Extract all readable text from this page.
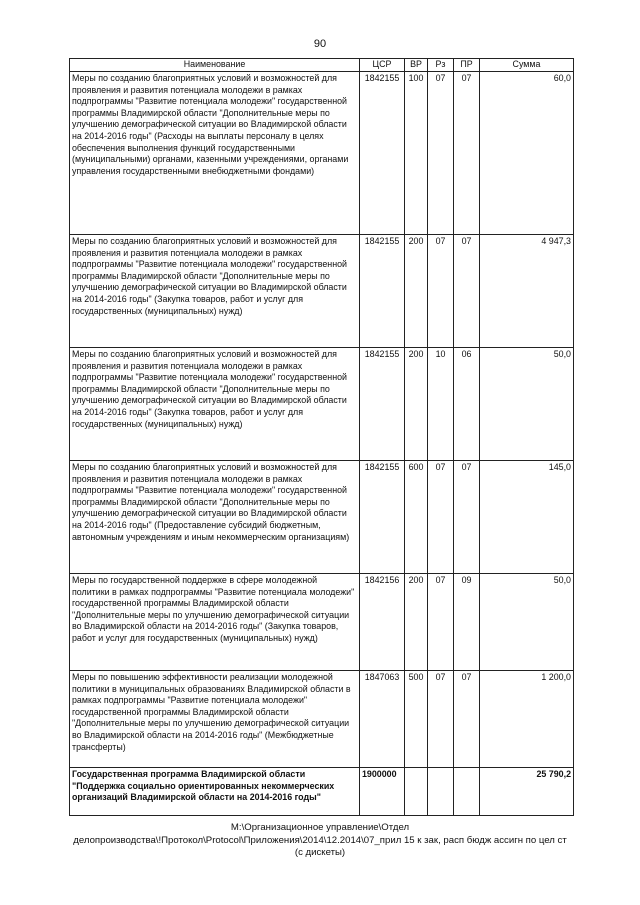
90
Наименование	ЦСР	ВР	Рз	ПР	Сумма
Меры по созданию благоприятных условий и возможностей для проявления и развития потенциала молодежи в рамках подпрограммы "Развитие потенциала молодежи" государственной программы Владимирской области "Дополнительные меры по улучшению демографической ситуации во Владимирской области на 2014-2016 годы" (Расходы на выплаты персоналу в целях обеспечения выполнения функций государственными (муниципальными) органами, казенными учреждениями, органами управления государственными внебюджетными фондами)	1842155	100	07	07	60,0
Меры по созданию благоприятных условий и возможностей для проявления и развития потенциала молодежи в рамках подпрограммы "Развитие потенциала молодежи" государственной программы Владимирской области "Дополнительные меры по улучшению демографической ситуации во Владимирской области на 2014-2016 годы" (Закупка товаров, работ и услуг для государственных (муниципальных) нужд)	1842155	200	07	07	4 947,3
Меры по созданию благоприятных условий и возможностей для проявления и развития потенциала молодежи в рамках подпрограммы "Развитие потенциала молодежи" государственной программы Владимирской области "Дополнительные меры по улучшению демографической ситуации во Владимирской области на 2014-2016 годы" (Закупка товаров, работ и услуг для государственных (муниципальных) нужд)	1842155	200	10	06	50,0
Меры по созданию благоприятных условий и возможностей для проявления и развития потенциала молодежи в рамках подпрограммы "Развитие потенциала молодежи" государственной программы Владимирской области "Дополнительные меры по улучшению демографической ситуации во Владимирской области на 2014-2016 годы" (Предоставление субсидий бюджетным, автономным учреждениям и иным некоммерческим организациям)	1842155	600	07	07	145,0
Меры по государственной поддержке в сфере молодежной политики в рамках подпрограммы "Развитие потенциала молодежи" государственной программы Владимирской области "Дополнительные меры по улучшению демографической ситуации во Владимирской области на 2014-2016 годы" (Закупка товаров, работ и услуг для государственных (муниципальных) нужд)	1842156	200	07	09	50,0
Меры по повышению эффективности реализации молодежной политики в муниципальных образованиях Владимирской области в рамках подпрограммы "Развитие потенциала молодежи" государственной программы Владимирской области "Дополнительные меры по улучшению демографической ситуации во Владимирской области на 2014-2016 годы" (Межбюджетные трансферты)	1847063	500	07	07	1 200,0
Государственная программа Владимирской области "Поддержка социально ориентированных некоммерческих организаций Владимирской области на 2014-2016 годы"	1900000				25 790,2
М:\Организационное управление\Отдел
делопроизводства\!Протокол\Protocol\Приложения\2014\12.2014\07_прил 15 к зак, расп бюдж ассигн по цел ст
(с дискеты)
